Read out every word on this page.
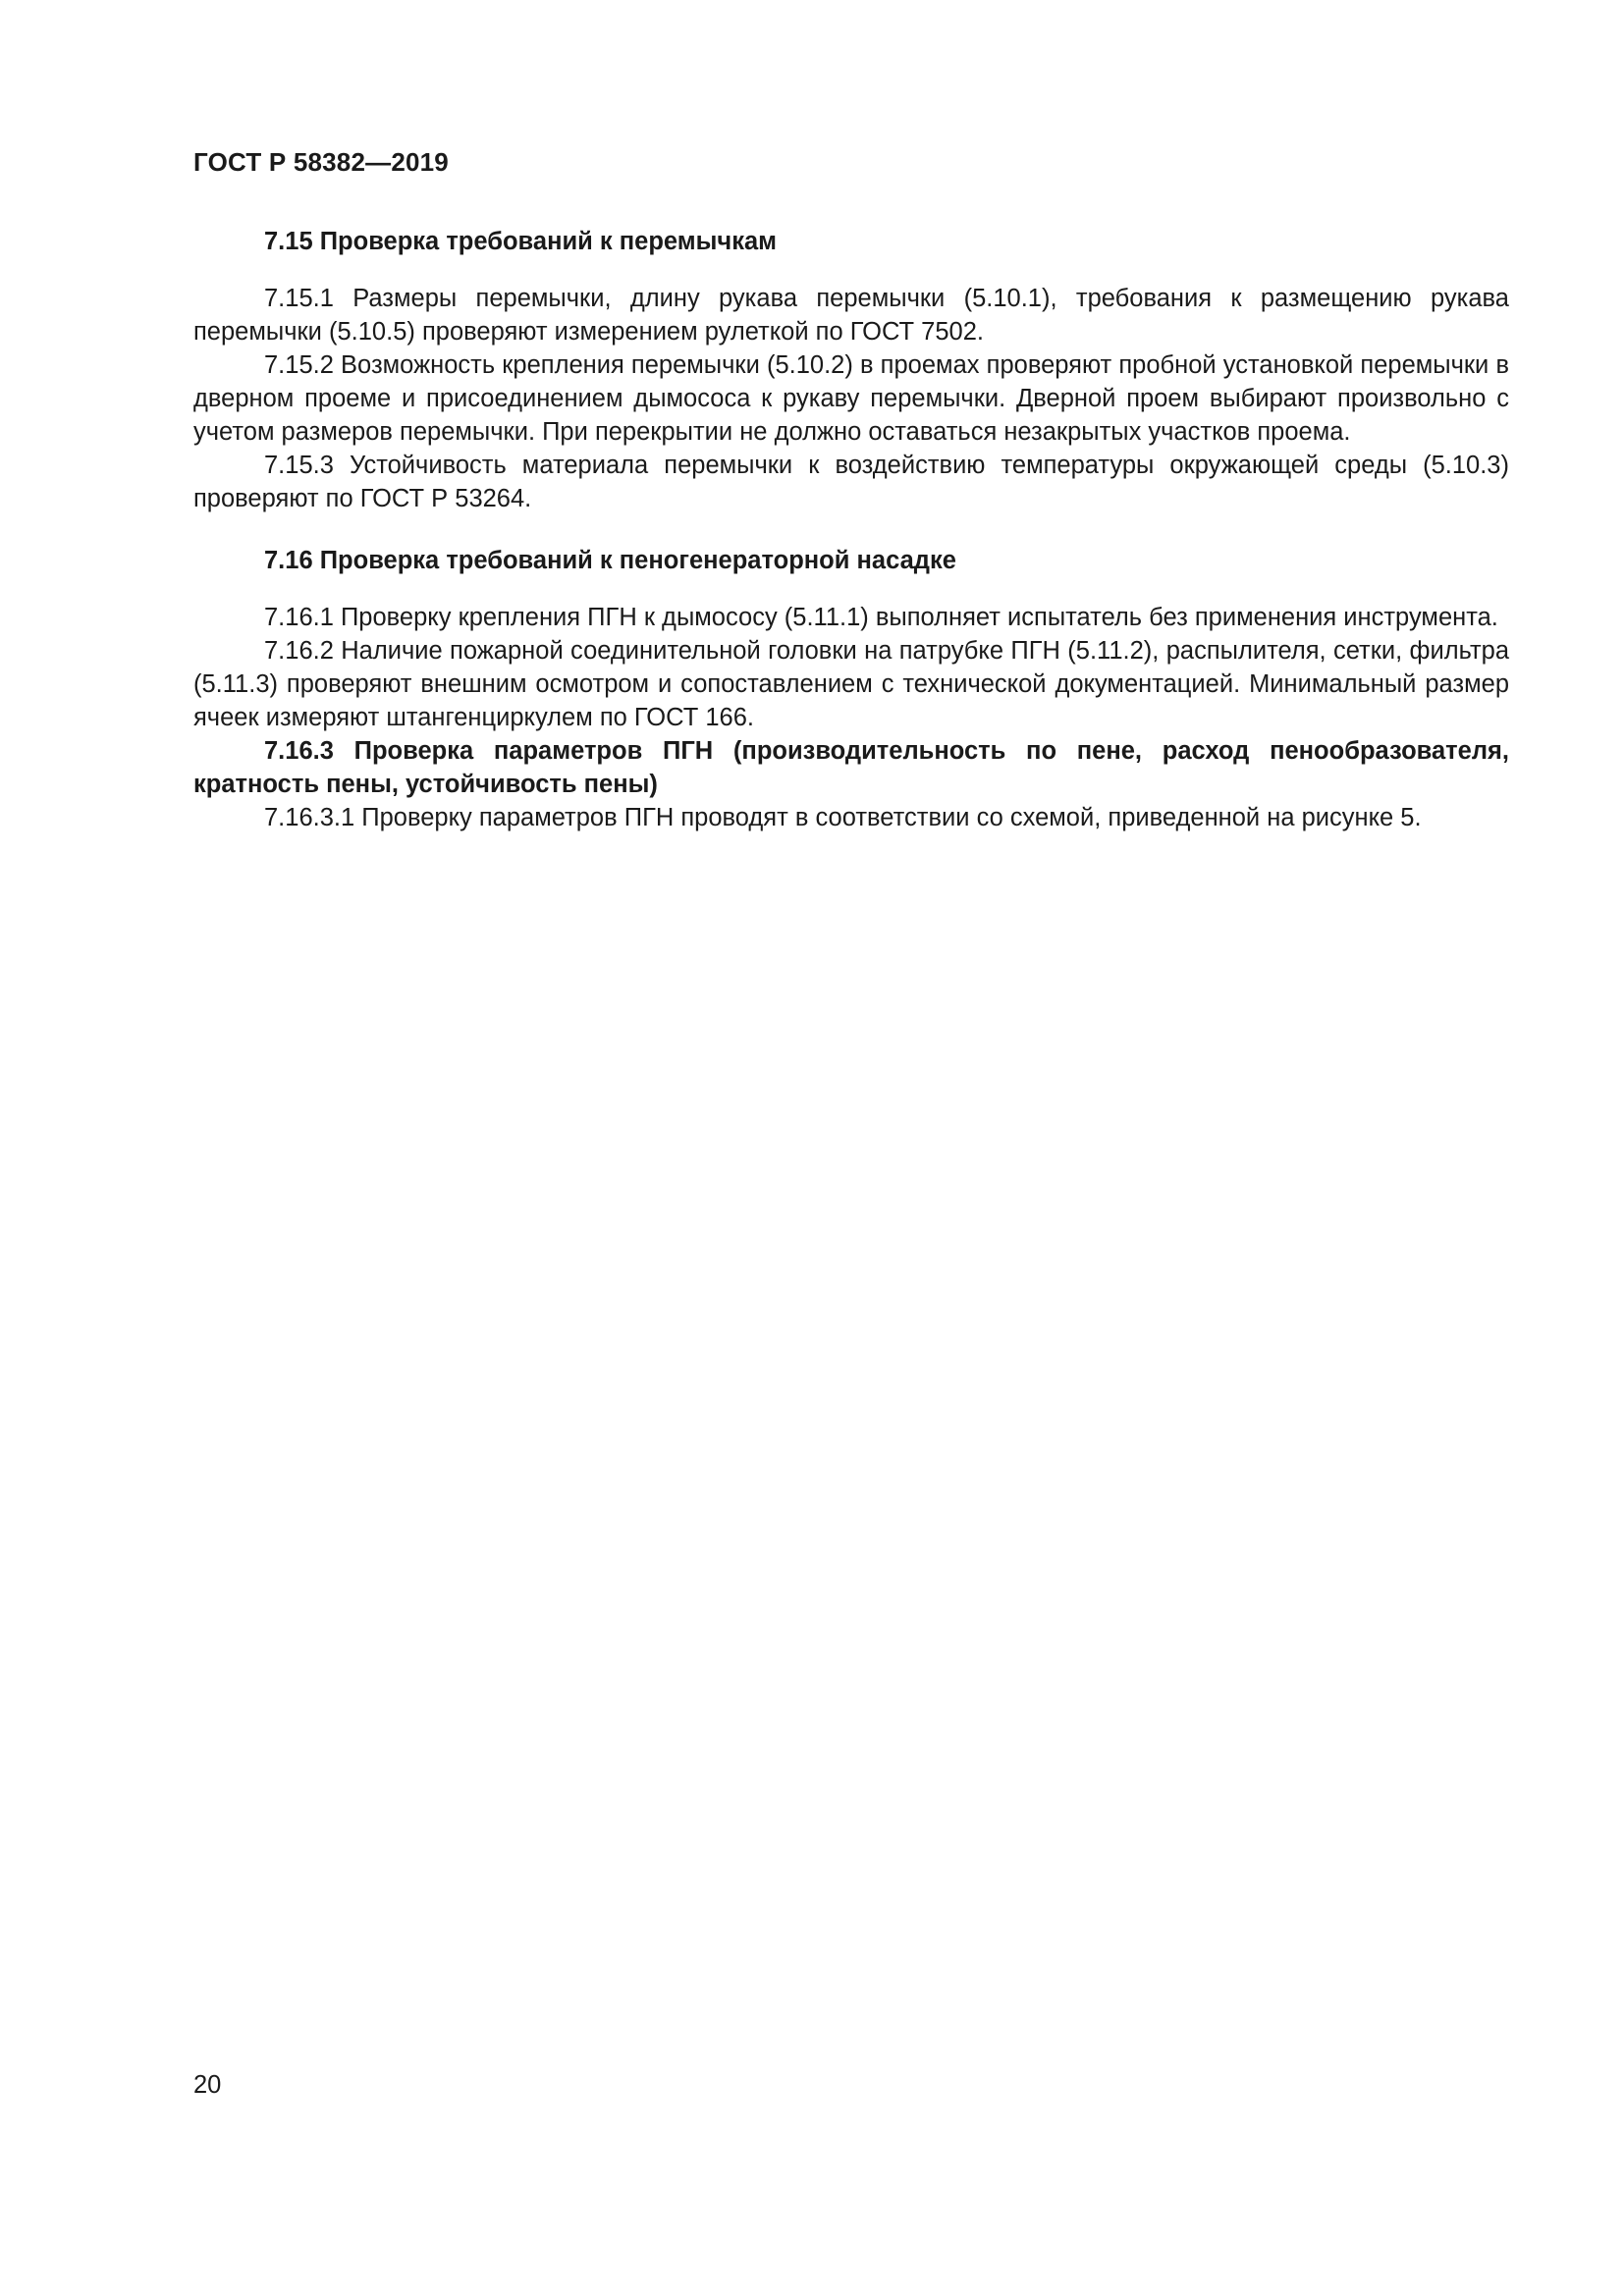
ГОСТ Р 58382—2019

7.15 Проверка требований к перемычкам

7.15.1 Размеры перемычки, длину рукава перемычки (5.10.1), требования к размещению рукава перемычки (5.10.5) проверяют измерением рулеткой по ГОСТ 7502.

7.15.2 Возможность крепления перемычки (5.10.2) в проемах проверяют пробной установкой перемычки в дверном проеме и присоединением дымососа к рукаву перемычки. Дверной проем выбирают произвольно с учетом размеров перемычки. При перекрытии не должно оставаться незакрытых участков проема.

7.15.3 Устойчивость материала перемычки к воздействию температуры окружающей среды (5.10.3) проверяют по ГОСТ Р 53264.

7.16 Проверка требований к пеногенераторной насадке

7.16.1 Проверку крепления ПГН к дымососу (5.11.1) выполняет испытатель без применения инструмента.

7.16.2 Наличие пожарной соединительной головки на патрубке ПГН (5.11.2), распылителя, сетки, фильтра (5.11.3) проверяют внешним осмотром и сопоставлением с технической документацией. Минимальный размер ячеек измеряют штангенциркулем по ГОСТ 166.

7.16.3 Проверка параметров ПГН (производительность по пене, расход пенообразователя, кратность пены, устойчивость пены)

7.16.3.1 Проверку параметров ПГН проводят в соответствии со схемой, приведенной на рисунке 5.

20
